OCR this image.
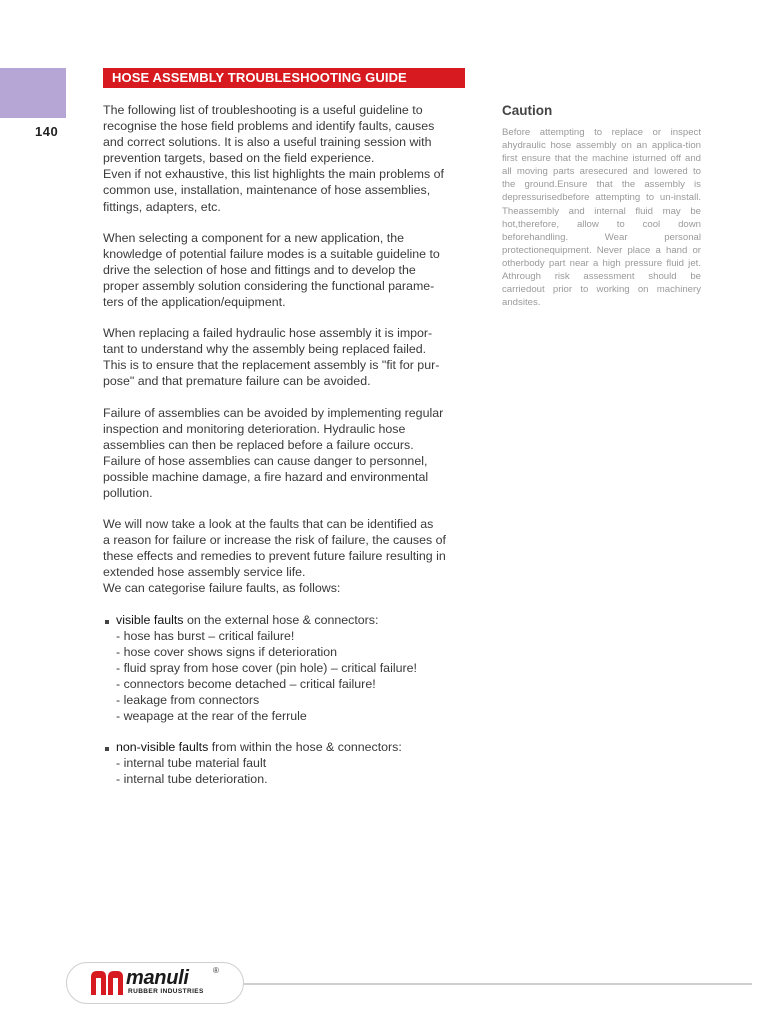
140
HOSE ASSEMBLY TROUBLESHOOTING GUIDE

The following list of troubleshooting is a useful guideline to
recognise the hose field problems and identify faults, causes
and correct solutions. It is also a useful training session with
prevention targets, based on the field experience.
Even if not exhaustive, this list highlights the main problems of
common use, installation, maintenance of hose assemblies,
fittings, adapters, etc.

When selecting a component for a new application, the
knowledge of potential failure modes is a suitable guideline to
drive the selection of hose and fittings and to develop the
proper assembly solution considering the functional parame-
ters of the application/equipment.

When replacing a failed hydraulic hose assembly it is impor-
tant to understand why the assembly being replaced failed.
This is to ensure that the replacement assembly is "fit for pur-
pose" and that premature failure can be avoided.

Failure of assemblies can be avoided by implementing regular
inspection and monitoring deterioration. Hydraulic hose
assemblies can then be replaced before a failure occurs.
Failure of hose assemblies can cause danger to personnel,
possible machine damage, a fire hazard and environmental
pollution.

We will now take a look at the faults that can be identified as
a reason for failure or increase the risk of failure, the causes of
these effects and remedies to prevent future failure resulting in
extended hose assembly service life.
We can categorise failure faults, as follows:

visible faults on the external hose & connectors:
- hose has burst – critical failure!
- hose cover shows signs if deterioration
- fluid spray from hose cover (pin hole) – critical failure!
- connectors become detached – critical failure!
- leakage from connectors
- weapage at the rear of the ferrule
non-visible faults from within the hose & connectors:
- internal tube material fault
- internal tube deterioration.
Caution
Before attempting to replace or inspect ahydraulic hose assembly on an applica-tion first ensure that the machine isturned off and all moving parts aresecured and lowered to the ground.Ensure that the assembly is depressurisedbefore attempting to un-install. Theassembly and internal fluid may be hot,therefore, allow to cool down beforehandling. Wear personal protectionequipment. Never place a hand or otherbody part near a high pressure fluid jet. Athrough risk assessment should be carriedout prior to working on machinery andsites.
manuli	®
RUBBER INDUSTRIES
